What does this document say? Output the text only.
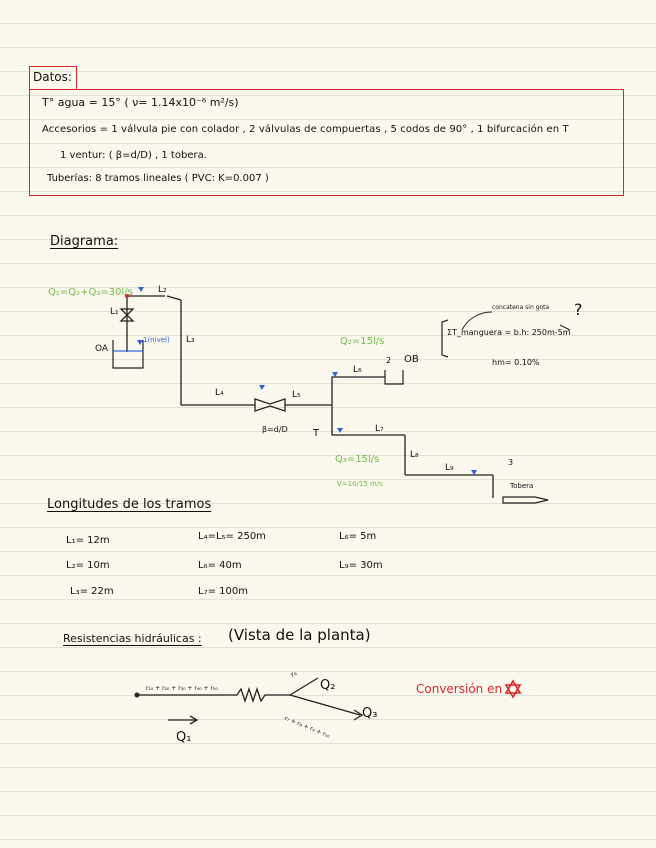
Datos:
T° agua = 15° ( ν= 1.14x10⁻⁶ m²/s)
Accesorios = 1 válvula pie con colador , 2 válvulas de compuertas , 5 codos de 90° , 1 bifurcación en T
1 ventur: ( β=d/D) , 1 tobera.
Tuberías: 8 tramos lineales ( PVC: K=0.007 )
Diagrama:
Q₁=Q₂+Q₃=30l/s	L₂
L₁
OA
1(nivel) L₃
L₄	L₅
β=d/D	T
Q₂=15l/s
L₆
2 OB
L₇
Q₃=15l/s
V=10/15 m/s
L₈
L₉
3
Tobera
ΣT_manguera = b.h: 250m-5m
hm= 0.10%
concatena sin gota ?
Longitudes de los tramos
L₁= 12m	L₄=L₅= 250m	L₆= 5m
L₂= 10m	L₆= 40m	L₉= 30m
L₃= 22m	L₇= 100m
Resistencias hidráulicas : (Vista de la planta)
r₁₀ + r₂₀ + r₃₀ + r₄₀ + r₅₀
r₆
r₇ + r₈ + r₉ + r₁₀
Q₂
Q₃
Q₁
Conversión en
